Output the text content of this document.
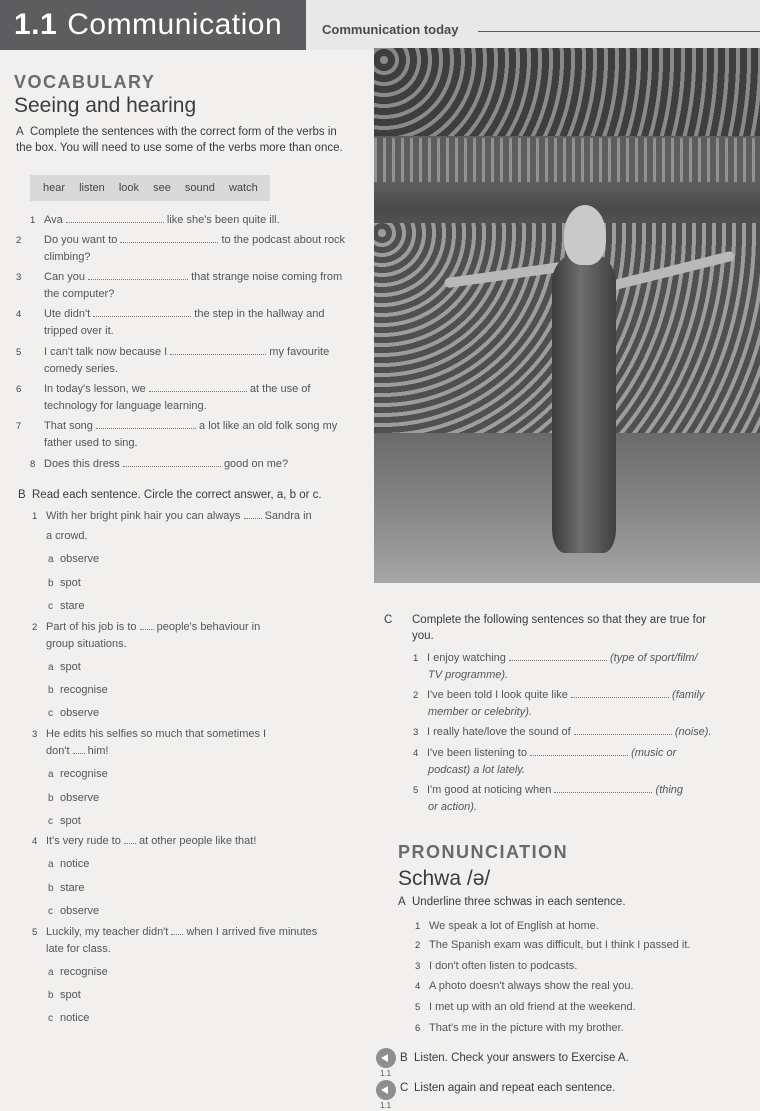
1.1 Communication	Communication today
VOCABULARY
Seeing and hearing
A Complete the sentences with the correct form of the verbs in the box. You will need to use some of the verbs more than once.
hear listen look see sound watch
1 Ava	like she's been quite ill.
2 Do you want to	to the podcast about rock climbing?
3 Can you	that strange noise coming from the computer?
4 Ute didn't	the step in the hallway and tripped over it.
5 I can't talk now because I	my favourite comedy series.
6 In today's lesson, we	at the use of technology for language learning.
7 That song	a lot like an old folk song my father used to sing.
8 Does this dress	good on me?
B Read each sentence. Circle the correct answer, a, b or c.
1 With her bright pink hair you can always Sandra in
a crowd.
a observe
b spot
c stare
2 Part of his job is to people's behaviour in
group situations.
a spot
b recognise
c observe
3 He edits his selfies so much that sometimes I
don't him!
a recognise
b observe
c spot
4 It's very rude to at other people like that!
a notice
b stare
c observe
5 Luckily, my teacher didn't when I arrived five minutes
late for class.
a recognise
b spot
c notice
C Complete the following sentences so that they are true for you.
1 I enjoy watching	(type of sport/film/
TV programme).
2 I've been told I look quite like	(family
member or celebrity).
3 I really hate/love the sound of	(noise).
4 I've been listening to	(music or
podcast) a lot lately.
5 I'm good at noticing when	(thing
or action).
PRONUNCIATION
Schwa /ə/
A Underline three schwas in each sentence.
1 We speak a lot of English at home.
2 The Spanish exam was difficult, but I think I passed it.
3 I don't often listen to podcasts.
4 A photo doesn't always show the real you.
5 I met up with an old friend at the weekend.
6 That's me in the picture with my brother.
1.1
B Listen. Check your answers to Exercise A.
1.1
C Listen again and repeat each sentence.
